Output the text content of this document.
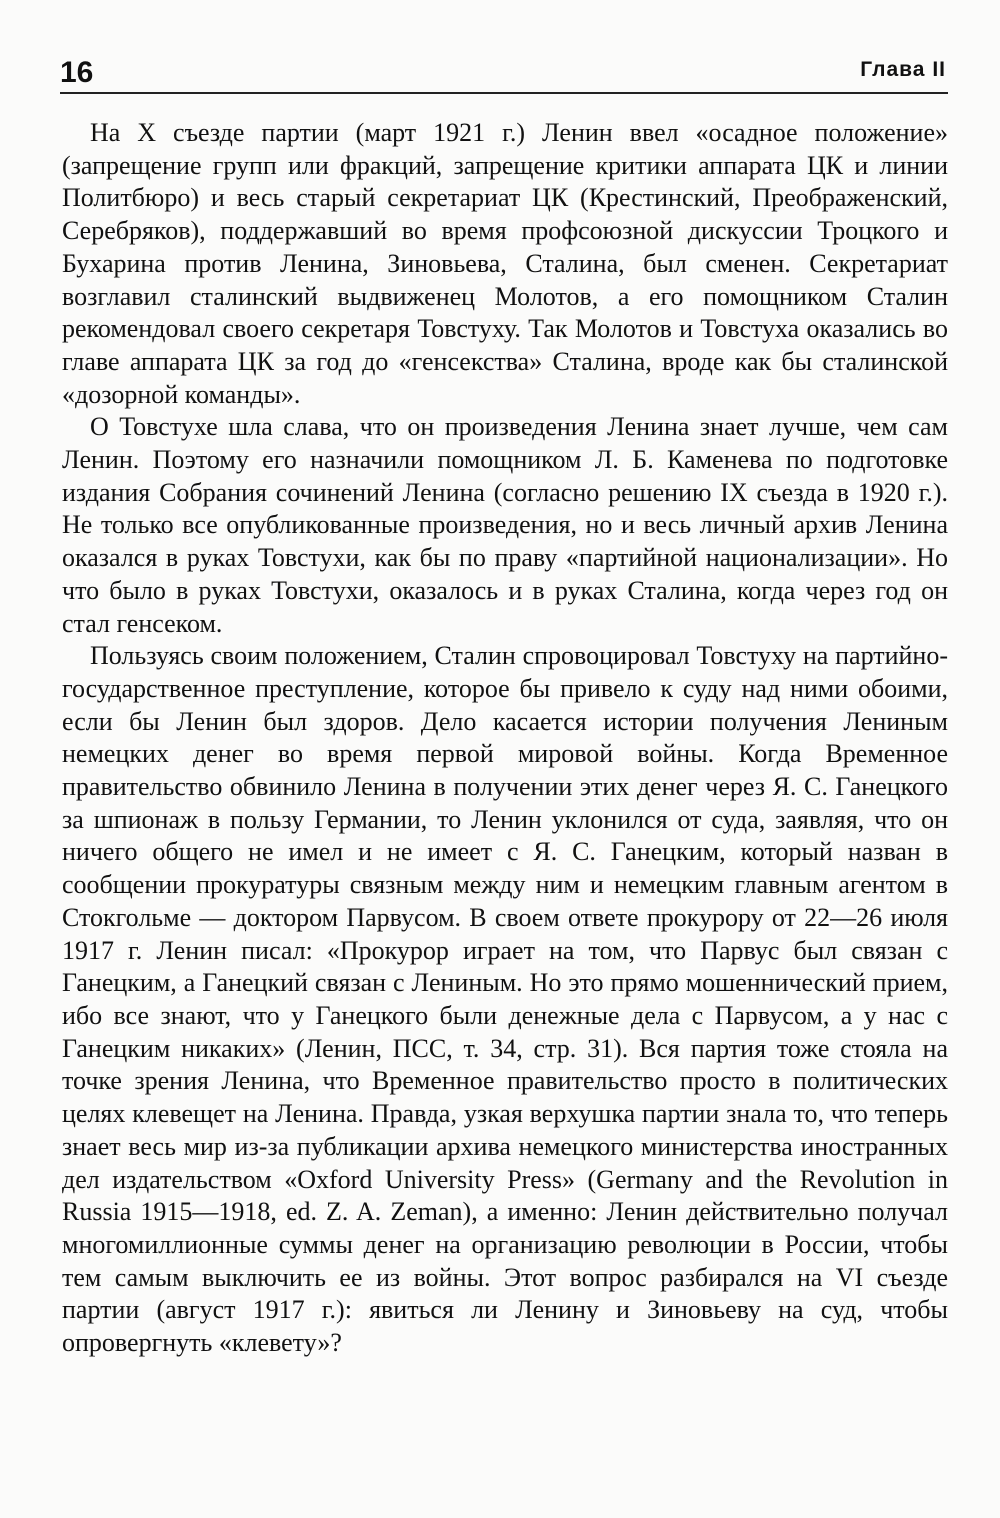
16	Глава II

На X съезде партии (март 1921 г.) Ленин ввел «осадное положение» (запрещение групп или фракций, запрещение критики аппарата ЦК и линии Политбюро) и весь старый секретариат ЦК (Крестинский, Преображенский, Серебряков), поддержавший во время профсоюзной дискуссии Троцкого и Бухарина против Ленина, Зиновьева, Сталина, был сменен. Секретариат возглавил сталинский выдвиженец Молотов, а его помощником Сталин рекомендовал своего секретаря Товстуху. Так Молотов и Товстуха оказались во главе аппарата ЦК за год до «генсекства» Сталина, вроде как бы сталинской «дозорной команды».

О Товстухе шла слава, что он произведения Ленина знает лучше, чем сам Ленин. Поэтому его назначили помощником Л. Б. Каменева по подготовке издания Собрания сочинений Ленина (согласно решению IX съезда в 1920 г.). Не только все опубликованные произведения, но и весь личный архив Ленина оказался в руках Товстухи, как бы по праву «партийной национализации». Но что было в руках Товстухи, оказалось и в руках Сталина, когда через год он стал генсеком.

Пользуясь своим положением, Сталин спровоцировал Товстуху на партийно-государственное преступление, которое бы привело к суду над ними обоими, если бы Ленин был здоров. Дело касается истории получения Лениным немецких денег во время первой мировой войны. Когда Временное правительство обвинило Ленина в получении этих денег через Я. С. Ганецкого за шпионаж в пользу Германии, то Ленин уклонился от суда, заявляя, что он ничего общего не имел и не имеет с Я. С. Ганецким, который назван в сообщении прокуратуры связным между ним и немецким главным агентом в Стокгольме — доктором Парвусом. В своем ответе прокурору от 22—26 июля 1917 г. Ленин писал: «Прокурор играет на том, что Парвус был связан с Ганецким, а Ганецкий связан с Лениным. Но это прямо мошеннический прием, ибо все знают, что у Ганецкого были денежные дела с Парвусом, а у нас с Ганецким никаких» (Ленин, ПСС, т. 34, стр. 31). Вся партия тоже стояла на точке зрения Ленина, что Временное правительство просто в политических целях клевещет на Ленина. Правда, узкая верхушка партии знала то, что теперь знает весь мир из-за публикации архива немецкого министерства иностранных дел издательством «Oxford University Press» (Germany and the Revolution in Russia 1915—1918, ed. Z. A. Zeman), а именно: Ленин действительно получал многомиллионные суммы денег на организацию революции в России, чтобы тем самым выключить ее из войны. Этот вопрос разбирался на VI съезде партии (август 1917 г.): явиться ли Ленину и Зиновьеву на суд, чтобы опровергнуть «клевету»?
